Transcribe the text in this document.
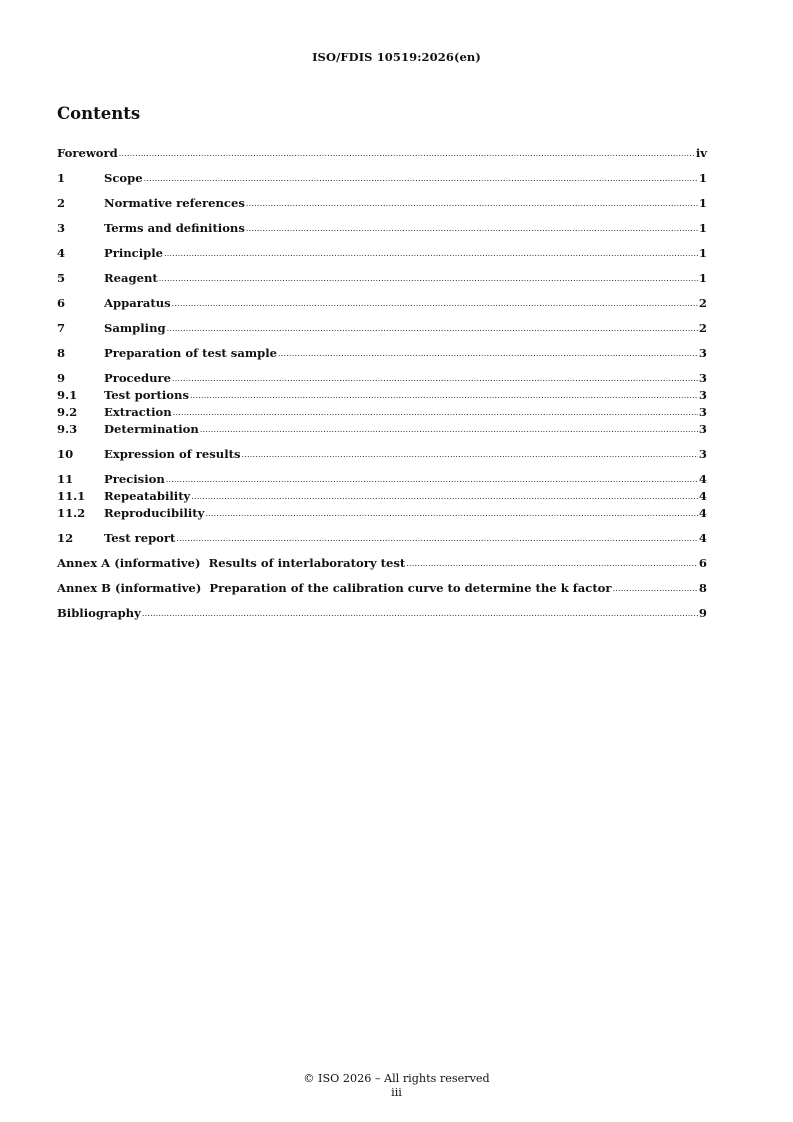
ISO/FDIS 10519:2026(en)
Contents
Foreword .....	iv
1	Scope .....	1
2	Normative references .....	1
3	Terms and definitions .....	1
4	Principle .....	1
5	Reagent .....	1
6	Apparatus .....	2
7	Sampling .....	2
8	Preparation of test sample .....	3
9	Procedure .....	3
9.1	Test portions .....	3
9.2	Extraction .....	3
9.3	Determination .....	3
10	Expression of results .....	3
11	Precision .....	4
11.1	Repeatability .....	4
11.2	Reproducibility .....	4
12	Test report .....	4
Annex A (informative)  Results of interlaboratory test .....	6
Annex B (informative)  Preparation of the calibration curve to determine the k factor .....	8
Bibliography .....	9
© ISO 2026 – All rights reserved
iii
